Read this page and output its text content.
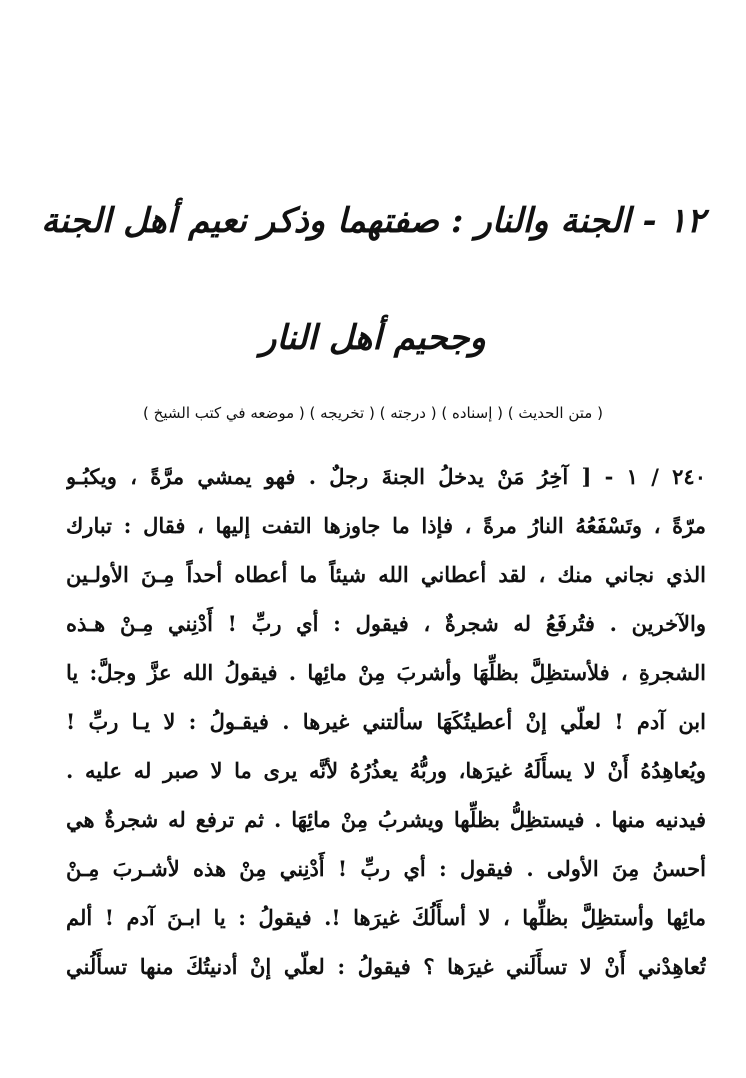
١٢ - الجنة والنار : صفتهما وذكر نعيم أهل الجنة
وجحيم أهل النار
( متن الحديث ) ( إسناده ) ( درجته ) ( تخريجه ) ( موضعه في كتب الشيخ )
٢٤٠ / ١ - [ آخِرُ مَنْ يدخلُ الجنةَ رجلٌ . فهو يمشي مرَّةً ، ويكبُـو
مرّةً ، وتَسْفَعُهُ النارُ مرةً ، فإذا ما جاوزها التفت إليها ، فقال : تبارك
الذي نجاني منك ، لقد أعطاني الله شيئاً ما أعطاه أحداً مِـنَ الأولـين
والآخرين . فتُرفَعُ له شجرةٌ ، فيقول : أي ربِّ ! أَدْنِني مِـنْ هـذه
الشجرةِ ، فلأستظِلَّ بظلِّهَا وأشربَ مِنْ مائِها . فيقولُ الله عزَّ وجلَّ: يا
ابن آدم ! لعلّي إنْ أعطيتُكَهَا سألتني غيرها . فيقـولُ : لا يـا ربِّ !
ويُعاهِدُهُ أَنْ لا يسأَلَهُ غيرَها، وربُّهُ يعذُرُهُ لأنَّه يرى ما لا صبر له عليه .
فيدنيه منها . فيستظِلُّ بظلِّها ويشربُ مِنْ مائِهَا . ثم ترفع له شجرةٌ هي
أحسنُ مِنَ الأولى . فيقول : أي ربِّ ! أَدْنِني مِنْ هذه لأشـربَ مِـنْ
مائِها وأستظِلَّ بظلِّها ، لا أسأَلُكَ غيرَها !. فيقولُ : يا ابـنَ آدم ! ألم
تُعاهِدْني أَنْ لا تسأَلَني غيرَها ؟ فيقولُ : لعلّي إنْ أدنيتُكَ منها تسأَلُني
